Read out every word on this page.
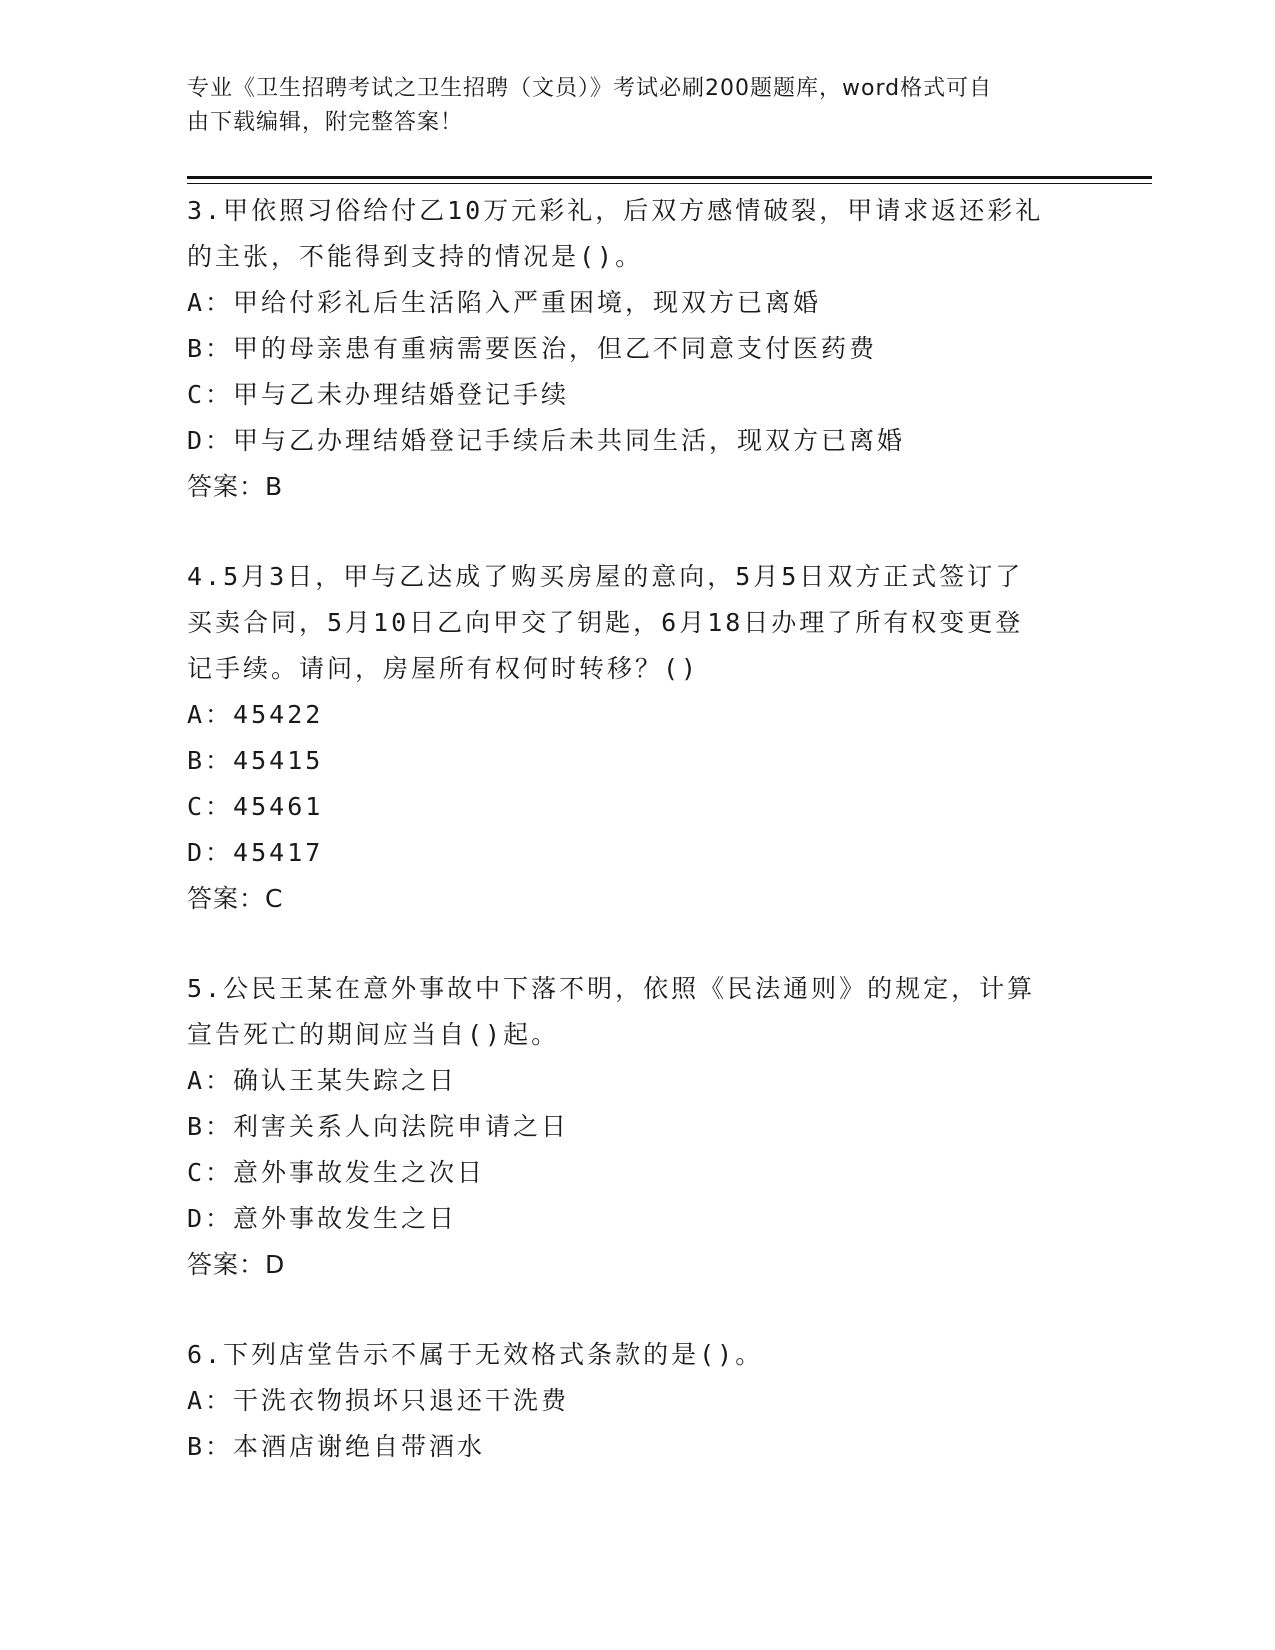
专业《卫生招聘考试之卫生招聘（文员）》考试必刷200题题库，word格式可自
由下载编辑，附完整答案！
3.甲依照习俗给付乙10万元彩礼，后双方感情破裂，甲请求返还彩礼
的主张，不能得到支持的情况是()。
A：甲给付彩礼后生活陷入严重困境，现双方已离婚
B：甲的母亲患有重病需要医治，但乙不同意支付医药费
C：甲与乙未办理结婚登记手续
D：甲与乙办理结婚登记手续后未共同生活，现双方已离婚
答案：B
4.5月3日，甲与乙达成了购买房屋的意向，5月5日双方正式签订了
买卖合同，5月10日乙向甲交了钥匙，6月18日办理了所有权变更登
记手续。请问，房屋所有权何时转移？()
A：45422
B：45415
C：45461
D：45417
答案：C
5.公民王某在意外事故中下落不明，依照《民法通则》的规定，计算
宣告死亡的期间应当自()起。
A：确认王某失踪之日
B：利害关系人向法院申请之日
C：意外事故发生之次日
D：意外事故发生之日
答案：D
6.下列店堂告示不属于无效格式条款的是()。
A：干洗衣物损坏只退还干洗费
B：本酒店谢绝自带酒水
